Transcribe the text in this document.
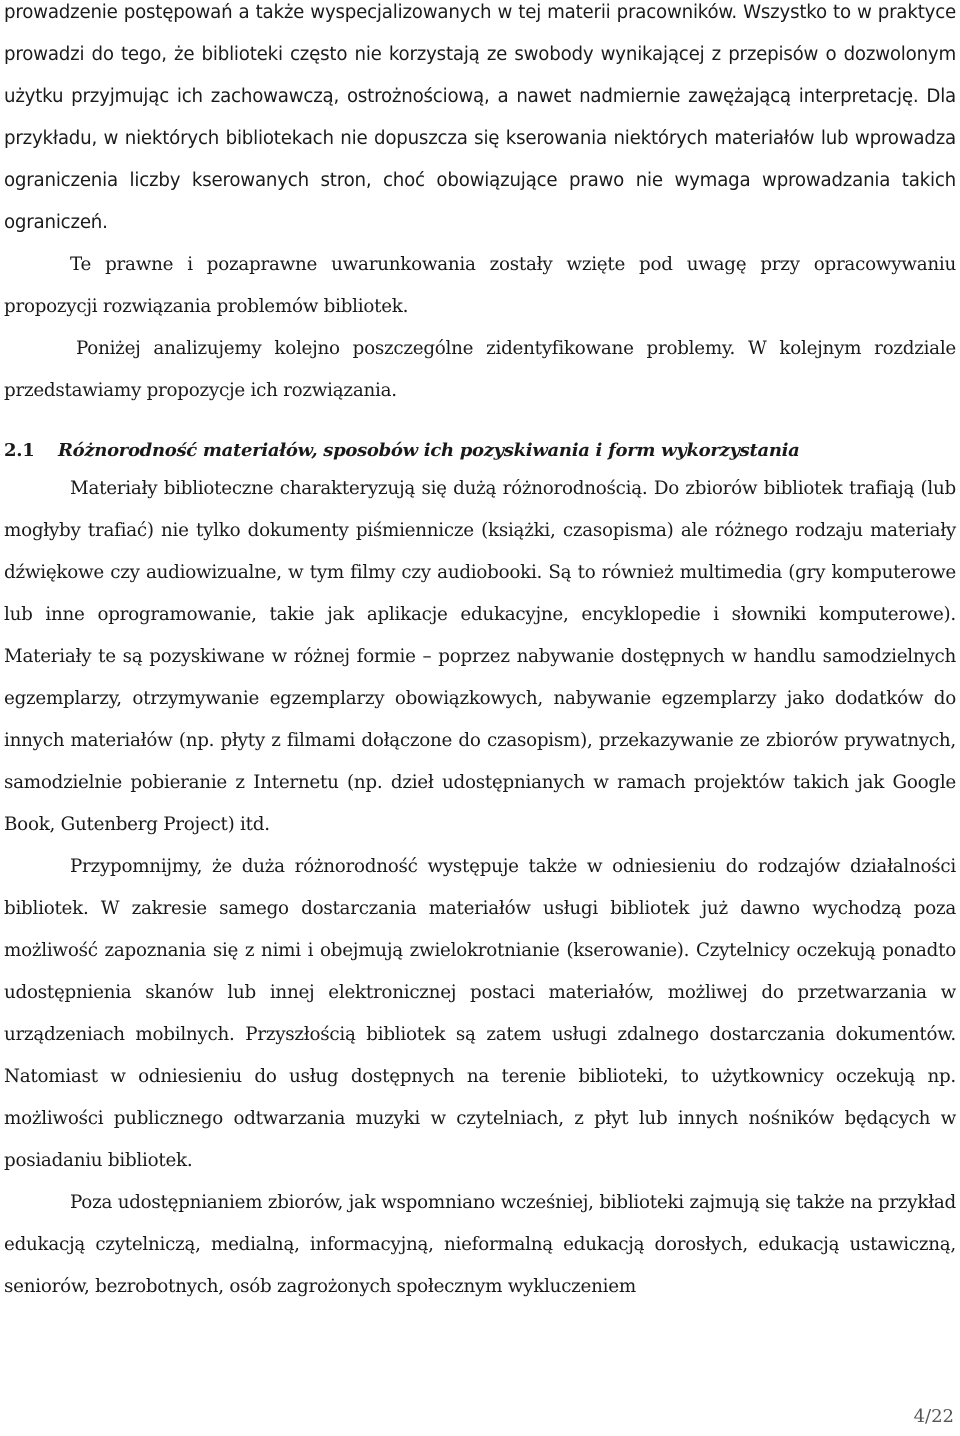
prowadzenie postępowań a także wyspecjalizowanych w tej materii pracowników. Wszystko to w praktyce prowadzi do tego, że biblioteki często nie korzystają ze swobody wynikającej z przepisów o dozwolonym użytku przyjmując ich zachowawczą, ostrożnościową, a nawet nadmiernie zawężającą interpretację. Dla przykładu, w niektórych bibliotekach nie dopuszcza się kserowania niektórych materiałów lub wprowadza ograniczenia liczby kserowanych stron, choć obowiązujące prawo nie wymaga wprowadzania takich ograniczeń.

Te prawne i pozaprawne uwarunkowania zostały wzięte pod uwagę przy opracowywaniu propozycji rozwiązania problemów bibliotek.

Poniżej analizujemy kolejno poszczególne zidentyfikowane problemy. W kolejnym rozdziale przedstawiamy propozycje ich rozwiązania.

2.1 Różnorodność materiałów, sposobów ich pozyskiwania i form wykorzystania

Materiały biblioteczne charakteryzują się dużą różnorodnością. Do zbiorów bibliotek trafiają (lub mogłyby trafiać) nie tylko dokumenty piśmiennicze (książki, czasopisma) ale różnego rodzaju materiały dźwiękowe czy audiowizualne, w tym filmy czy audiobooki. Są to również multimedia (gry komputerowe lub inne oprogramowanie, takie jak aplikacje edukacyjne, encyklopedie i słowniki komputerowe). Materiały te są pozyskiwane w różnej formie – poprzez nabywanie dostępnych w handlu samodzielnych egzemplarzy, otrzymywanie egzemplarzy obowiązkowych, nabywanie egzemplarzy jako dodatków do innych materiałów (np. płyty z filmami dołączone do czasopism), przekazywanie ze zbiorów prywatnych, samodzielnie pobieranie z Internetu (np. dzieł udostępnianych w ramach projektów takich jak Google Book, Gutenberg Project) itd.

Przypomnijmy, że duża różnorodność występuje także w odniesieniu do rodzajów działalności bibliotek. W zakresie samego dostarczania materiałów usługi bibliotek już dawno wychodzą poza możliwość zapoznania się z nimi i obejmują zwielokrotnianie (kserowanie). Czytelnicy oczekują ponadto udostępnienia skanów lub innej elektronicznej postaci materiałów, możliwej do przetwarzania w urządzeniach mobilnych. Przyszłością bibliotek są zatem usługi zdalnego dostarczania dokumentów. Natomiast w odniesieniu do usług dostępnych na terenie biblioteki, to użytkownicy oczekują np. możliwości publicznego odtwarzania muzyki w czytelniach, z płyt lub innych nośników będących w posiadaniu bibliotek.

Poza udostępnianiem zbiorów, jak wspomniano wcześniej, biblioteki zajmują się także na przykład edukacją czytelniczą, medialną, informacyjną, nieformalną edukacją dorosłych, edukacją ustawiczną, seniorów, bezrobotnych, osób zagrożonych społecznym wykluczeniem

4/22
